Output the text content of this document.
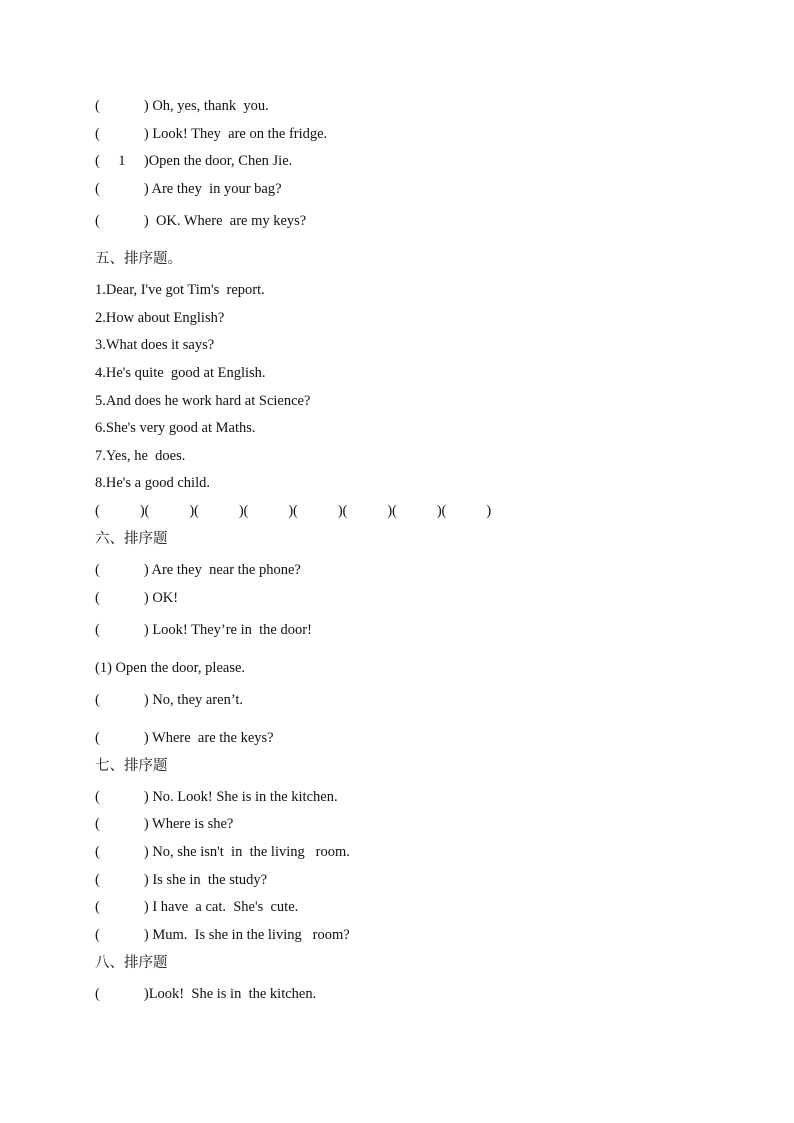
(	) Oh, yes, thank  you.
(	) Look! They  are on the fridge.
( 1 )Open the door, Chen Jie.
(	) Are they  in your bag?
(	)  OK. Where  are my keys?
五、排序题。
1.Dear, I've got Tim's  report.
2.How about English?
3.What does it says?
4.He's quite  good at English.
5.And does he work hard at Science?
6.She's very good at Maths.
7.Yes, he  does.
8.He's a good child.
(	) (	) (	) (	) (	) (	) (	) (	)
六、排序题
(	) Are they  near the phone?
(	) OK!
(	) Look! They’re in  the door!
(1) Open the door, please.
(	) No, they aren’t.
(	) Where  are the keys?
七、排序题
(	) No. Look! She is in the kitchen.
(	) Where is she?
(	) No, she isn't  in  the living   room.
(	) Is she in  the study?
(	) I have  a cat.  She's  cute.
(	) Mum.  Is she in the living   room?
八、排序题
(	)Look!  She is in  the kitchen.
